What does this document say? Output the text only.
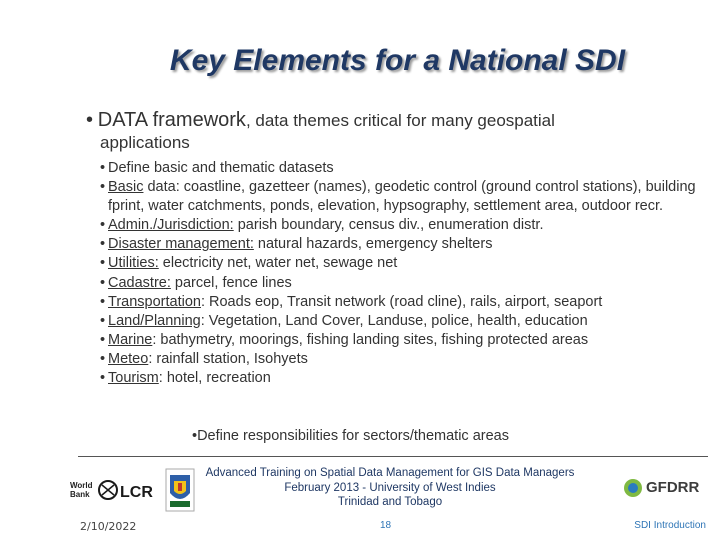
Key Elements for a National SDI
• DATA framework, data themes critical for many geospatial
applications
• Define basic and thematic datasets
• Basic data: coastline, gazetteer (names), geodetic control (ground control stations), building fprint, water catchments, ponds, elevation, hypsography, settlement area, outdoor recr.
• Admin./Jurisdiction: parish boundary, census div., enumeration distr.
• Disaster management: natural hazards, emergency shelters
• Utilities: electricity net, water net, sewage net
• Cadastre: parcel, fence lines
• Transportation: Roads eop, Transit network (road cline), rails, airport, seaport
• Land/Planning: Vegetation, Land Cover, Landuse, police, health, education
• Marine: bathymetry, moorings, fishing landing sites, fishing protected areas
• Meteo: rainfall station, Isohyets
• Tourism: hotel, recreation
•Define responsibilities for sectors/thematic areas
World
Bank LCR	GFDRR
Advanced Training on Spatial Data Management for GIS Data Managers
February 2013 - University of West Indies
Trinidad and Tobago
2/10/2022	18	SDI Introduction
